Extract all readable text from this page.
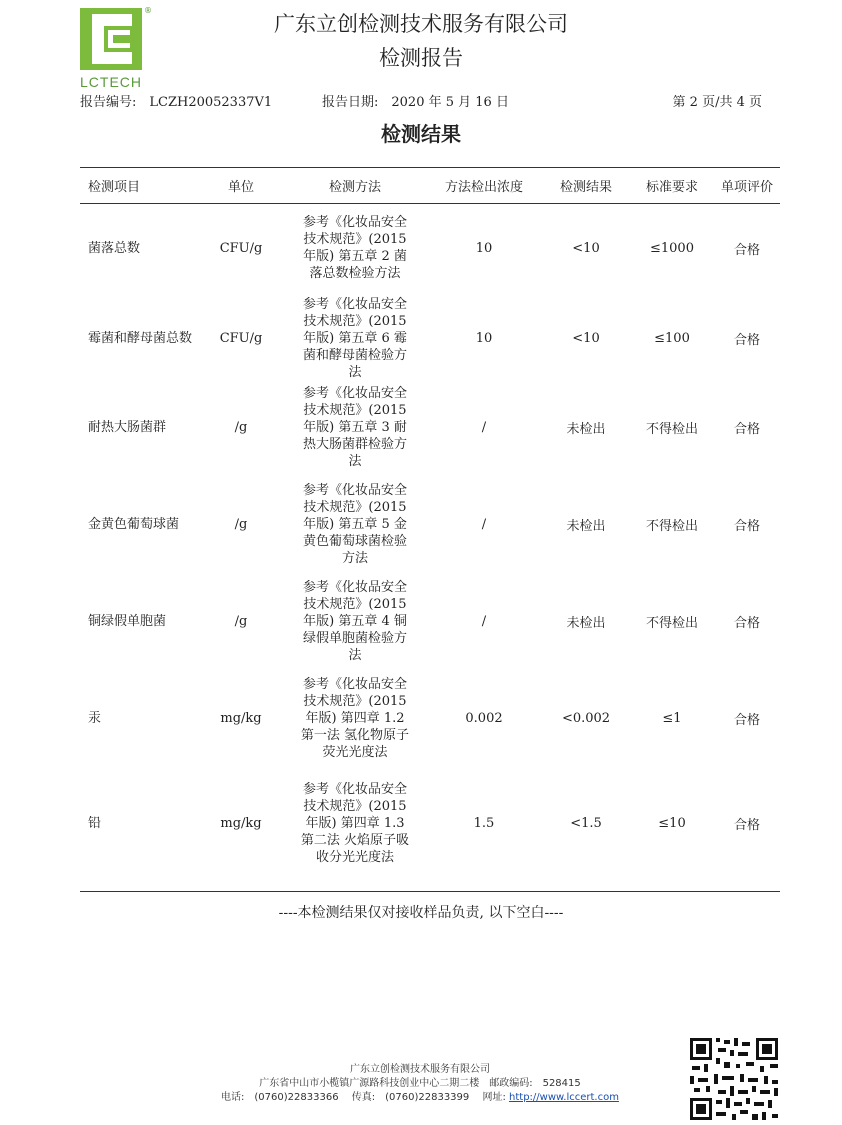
®
LCTECH
广东立创检测技术服务有限公司
检测报告
报告编号:　LCZH20052337V1	报告日期:　2020 年 5 月 16 日	第 2 页/共 4 页
检测结果
检测项目	单位	检测方法	方法检出浓度	检测结果	标准要求	单项评价
菌落总数	CFU/g	参考《化妆品安全技术规范》(2015 年版) 第五章 2 菌落总数检验方法	10	<10	≤1000	合格
霉菌和酵母菌总数	CFU/g	参考《化妆品安全技术规范》(2015 年版) 第五章 6 霉菌和酵母菌检验方法	10	<10	≤100	合格
耐热大肠菌群	/g	参考《化妆品安全技术规范》(2015 年版) 第五章 3 耐热大肠菌群检验方法	/	未检出	不得检出	合格
金黄色葡萄球菌	/g	参考《化妆品安全技术规范》(2015 年版) 第五章 5 金黄色葡萄球菌检验方法	/	未检出	不得检出	合格
铜绿假单胞菌	/g	参考《化妆品安全技术规范》(2015 年版) 第五章 4 铜绿假单胞菌检验方法	/	未检出	不得检出	合格
汞	mg/kg	参考《化妆品安全技术规范》(2015 年版) 第四章 1.2 第一法 氢化物原子荧光光度法	0.002	<0.002	≤1	合格
铅	mg/kg	参考《化妆品安全技术规范》(2015 年版) 第四章 1.3 第二法 火焰原子吸收分光光度法	1.5	<1.5	≤10	合格
----本检测结果仅对接收样品负责, 以下空白----
广东立创检测技术服务有限公司
广东省中山市小榄镇广源路科技创业中心二期二楼　邮政编码:　528415
电话:　(0760)22833366　 传真:　(0760)22833399　 网址: http://www.lccert.com
